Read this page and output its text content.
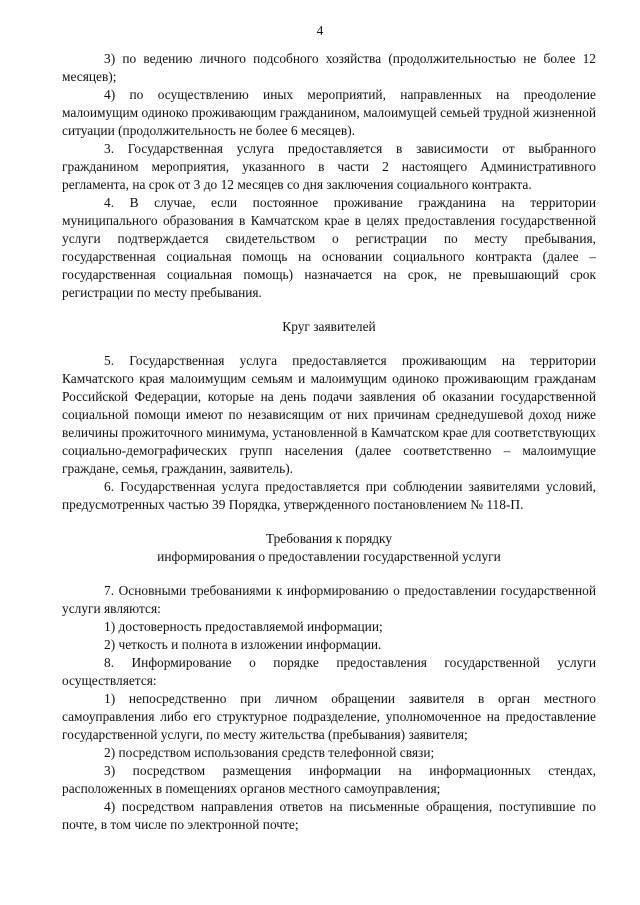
4

3) по ведению личного подсобного хозяйства (продолжительностью не более 12 месяцев);

4) по осуществлению иных мероприятий, направленных на преодоление малоимущим одиноко проживающим гражданином, малоимущей семьей трудной жизненной ситуации (продолжительность не более 6 месяцев).

3. Государственная услуга предоставляется в зависимости от выбранного гражданином мероприятия, указанного в части 2 настоящего Административного регламента, на срок от 3 до 12 месяцев со дня заключения социального контракта.

4. В случае, если постоянное проживание гражданина на территории муниципального образования в Камчатском крае в целях предоставления государственной услуги подтверждается свидетельством о регистрации по месту пребывания, государственная социальная помощь на основании социального контракта (далее – государственная социальная помощь) назначается на срок, не превышающий срок регистрации по месту пребывания.

Круг заявителей

5. Государственная услуга предоставляется проживающим на территории Камчатского края малоимущим семьям и малоимущим одиноко проживающим гражданам Российской Федерации, которые на день подачи заявления об оказании государственной социальной помощи имеют по независящим от них причинам среднедушевой доход ниже величины прожиточного минимума, установленной в Камчатском крае для соответствующих социально-демографических групп населения (далее соответственно – малоимущие граждане, семья, гражданин, заявитель).

6. Государственная услуга предоставляется при соблюдении заявителями условий, предусмотренных частью 39 Порядка, утвержденного постановлением № 118-П.

Требования к порядку

информирования о предоставлении государственной услуги

7. Основными требованиями к информированию о предоставлении государственной услуги являются:

1) достоверность предоставляемой информации;

2) четкость и полнота в изложении информации.

8. Информирование о порядке предоставления государственной услуги осуществляется:

1) непосредственно при личном обращении заявителя в орган местного самоуправления либо его структурное подразделение, уполномоченное на предоставление государственной услуги, по месту жительства (пребывания) заявителя;

2) посредством использования средств телефонной связи;

3) посредством размещения информации на информационных стендах, расположенных в помещениях органов местного самоуправления;

4) посредством направления ответов на письменные обращения, поступившие по почте, в том числе по электронной почте;
